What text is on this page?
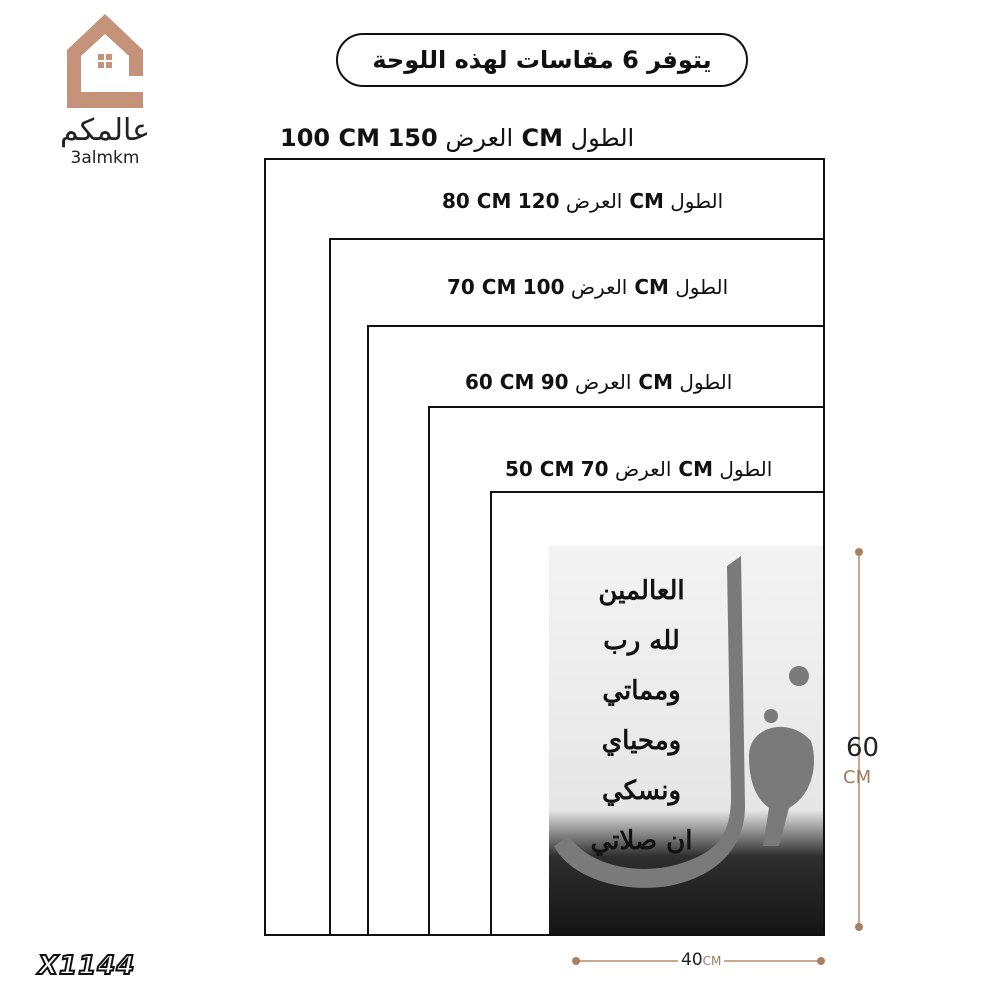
عالمكم
3almkm
يتوفر 6 مقاسات لهذه اللوحة
100 CM	العرض 150 CM الطول
80 CM	العرض 120 CM الطول
70 CM	العرض 100 CM الطول
60 CM العرض 90 CM الطول
50 CM العرض 70 CM الطول
العالمين
لله رب
ومماتي
ومحياي
ونسكي
ان صلاتي
60
CM
40CM
X1144
